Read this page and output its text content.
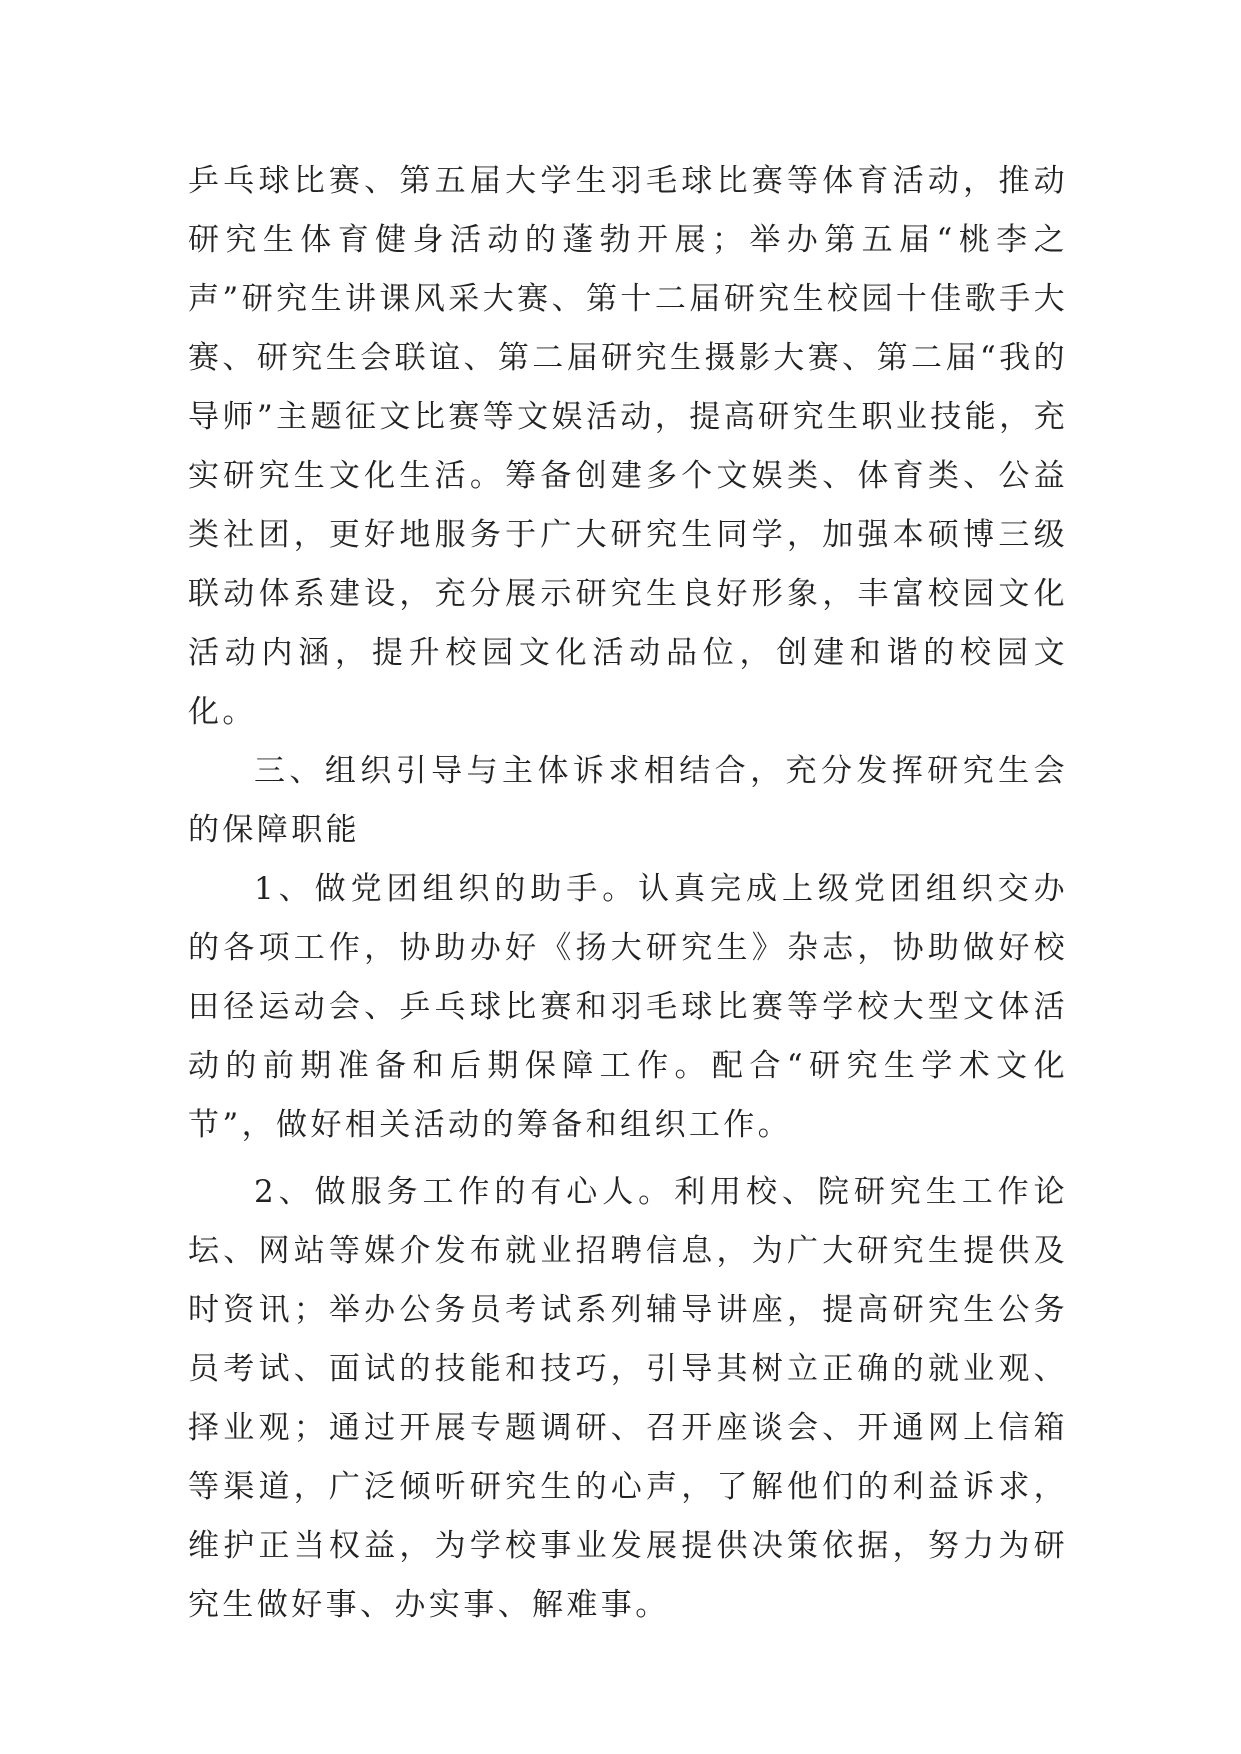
乒乓球比赛、第五届大学生羽毛球比赛等体育活动，推动研究生体育健身活动的蓬勃开展；举办第五届“桃李之声”研究生讲课风采大赛、第十二届研究生校园十佳歌手大赛、研究生会联谊、第二届研究生摄影大赛、第二届“我的导师”主题征文比赛等文娱活动，提高研究生职业技能，充实研究生文化生活。筹备创建多个文娱类、体育类、公益类社团，更好地服务于广大研究生同学，加强本硕博三级联动体系建设，充分展示研究生良好形象，丰富校园文化活动内涵，提升校园文化活动品位，创建和谐的校园文化。

三、组织引导与主体诉求相结合，充分发挥研究生会的保障职能

1、做党团组织的助手。认真完成上级党团组织交办的各项工作，协助办好《扬大研究生》杂志，协助做好校田径运动会、乒乓球比赛和羽毛球比赛等学校大型文体活动的前期准备和后期保障工作。配合“研究生学术文化节”，做好相关活动的筹备和组织工作。

2、做服务工作的有心人。利用校、院研究生工作论坛、网站等媒介发布就业招聘信息，为广大研究生提供及时资讯；举办公务员考试系列辅导讲座，提高研究生公务员考试、面试的技能和技巧，引导其树立正确的就业观、择业观；通过开展专题调研、召开座谈会、开通网上信箱等渠道，广泛倾听研究生的心声，了解他们的利益诉求，维护正当权益，为学校事业发展提供决策依据，努力为研究生做好事、办实事、解难事。
